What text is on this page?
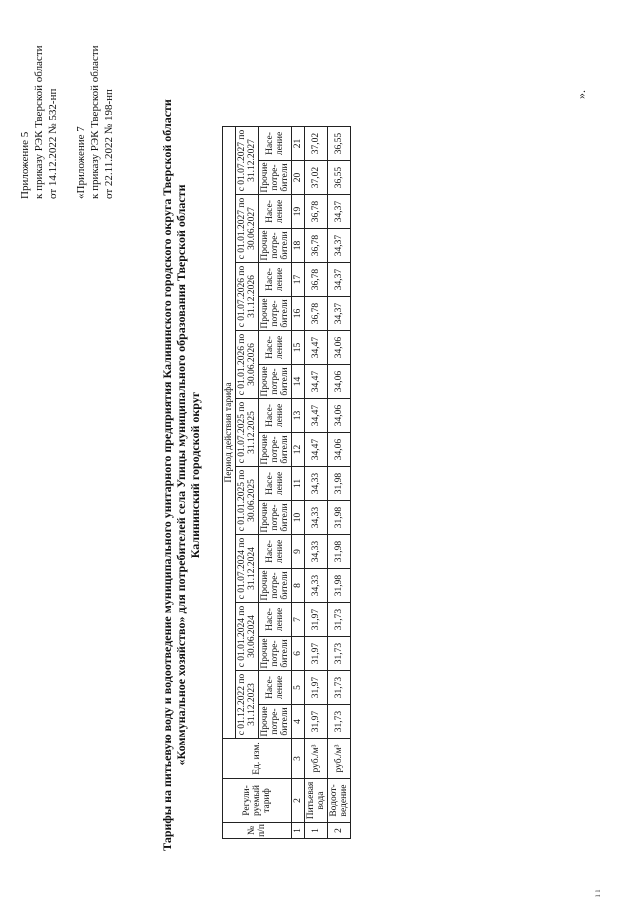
Приложение 5 к приказу РЭК Тверской области от 14.12.2022 № 532-нп «Приложение 7 к приказу РЭК Тверской области от 22.11.2022 № 198-нп	Тарифы на питьевую воду и водоотведение муниципального унитарного предприятия Калининского городского округа Тверской области «Коммунальное хозяйство» для потребителей села Упицы муниципального образования Тверской области Калининский городской округ
№ п/п	Регули- руемый тариф	Ед. изм.	Период действия тарифа																	
			с 01.12.2022 по 31.12.2023		с 01.01.2024 по 30.06.2024		с 01.07.2024 по 31.12.2024		с 01.01.2025 по 30.06.2025		с 01.07.2025 по 31.12.2025		с 01.01.2026 по 30.06.2026		с 01.07.2026 по 31.12.2026		с 01.01.2027 по 30.06.2027		с 01.07.2027 по 31.12.2027	
			Прочие потре- бители	Насе- ление	Прочие потре- бители	Насе- ление	Прочие потре- бители	Насе- ление	Прочие потре- бители	Насе- ление	Прочие потре- бители	Насе- ление	Прочие потре- бители	Насе- ление	Прочие потре- бители	Насе- ление	Прочие потре- бители	Насе- ление	Прочие потре- бители	Насе- ление
1	2	3	4	5	6	7	8	9	10	11	12	13	14	15	16	17	18	19	20	21
1	Питьевая вода	руб./м³	31,97	31,97	31,97	31,97	34,33	34,33	34,33	34,33	34,47	34,47	34,47	34,47	36,78	36,78	36,78	36,78	37,02	37,02
2	Водоот- ведение	руб./м³	31,73	31,73	31,73	31,73	31,98	31,98	31,98	31,98	34,06	34,06	34,06	34,06	34,37	34,37	34,37	34,37	36,55	36,55
».
ı ı
